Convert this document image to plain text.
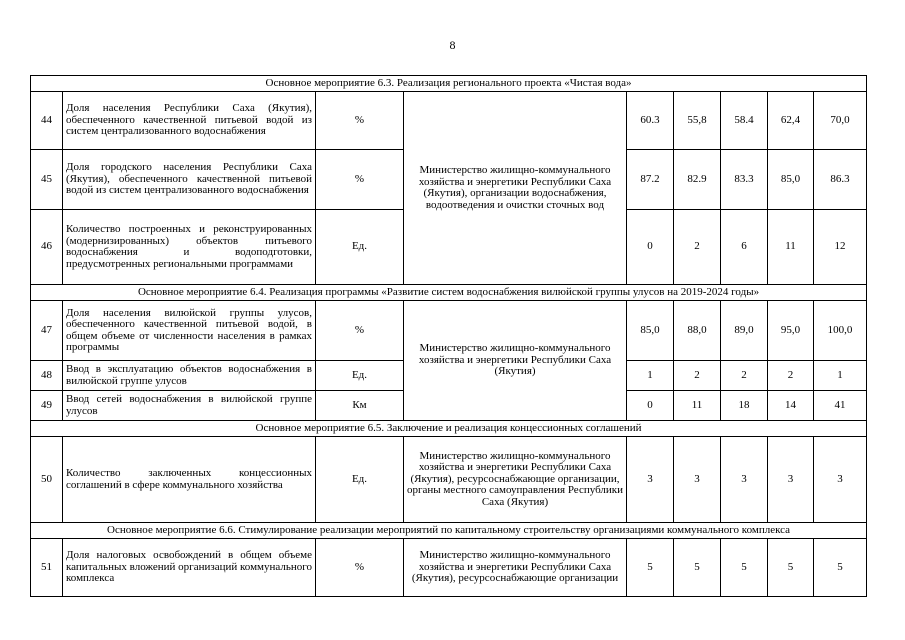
8
Основное мероприятие 6.3. Реализация регионального проекта «Чистая вода»								
44	Доля населения Республики Саха (Якутия), обеспеченного качественной питьевой водой из систем централизованного водоснабжения	%	Министерство жилищно-коммунального хозяйства и энергетики Республики Саха (Якутия), организации водоснабжения, водоотведения и очистки сточных вод	60.3	55,8	58.4	62,4	70,0
45	Доля городского населения Республики Саха (Якутия), обеспеченного качественной питьевой водой из систем централизованного водоснабжения	%		87.2	82.9	83.3	85,0	86.3
46	Количество построенных и реконструированных (модернизированных) объектов питьевого водоснабжения и водоподготовки, предусмотренных региональными программами	Ед.		0	2	6	11	12
Основное мероприятие 6.4. Реализация программы «Развитие систем водоснабжения вилюйской группы улусов на 2019-2024 годы»								
47	Доля населения вилюйской группы улусов, обеспеченного качественной питьевой водой, в общем объеме от численности населения в рамках программы	%	Министерство жилищно-коммунального хозяйства и энергетики Республики Саха (Якутия)	85,0	88,0	89,0	95,0	100,0
48	Ввод в эксплуатацию объектов водоснабжения в вилюйской группе улусов	Ед.		1	2	2	2	1
49	Ввод сетей водоснабжения в вилюйской группе улусов	Км		0	11	18	14	41
Основное мероприятие 6.5. Заключение и реализация концессионных соглашений								
50	Количество заключенных концессионных соглашений в сфере коммунального хозяйства	Ед.	Министерство жилищно-коммунального хозяйства и энергетики Республики Саха (Якутия), ресурсоснабжающие организации, органы местного самоуправления Республики Саха (Якутия)	3	3	3	3	3
Основное мероприятие 6.6. Стимулирование реализации мероприятий по капитальному строительству организациями коммунального комплекса								
51	Доля налоговых освобождений в общем объеме капитальных вложений организаций коммунального комплекса	%	Министерство жилищно-коммунального хозяйства и энергетики Республики Саха (Якутия), ресурсоснабжающие организации	5	5	5	5	5
